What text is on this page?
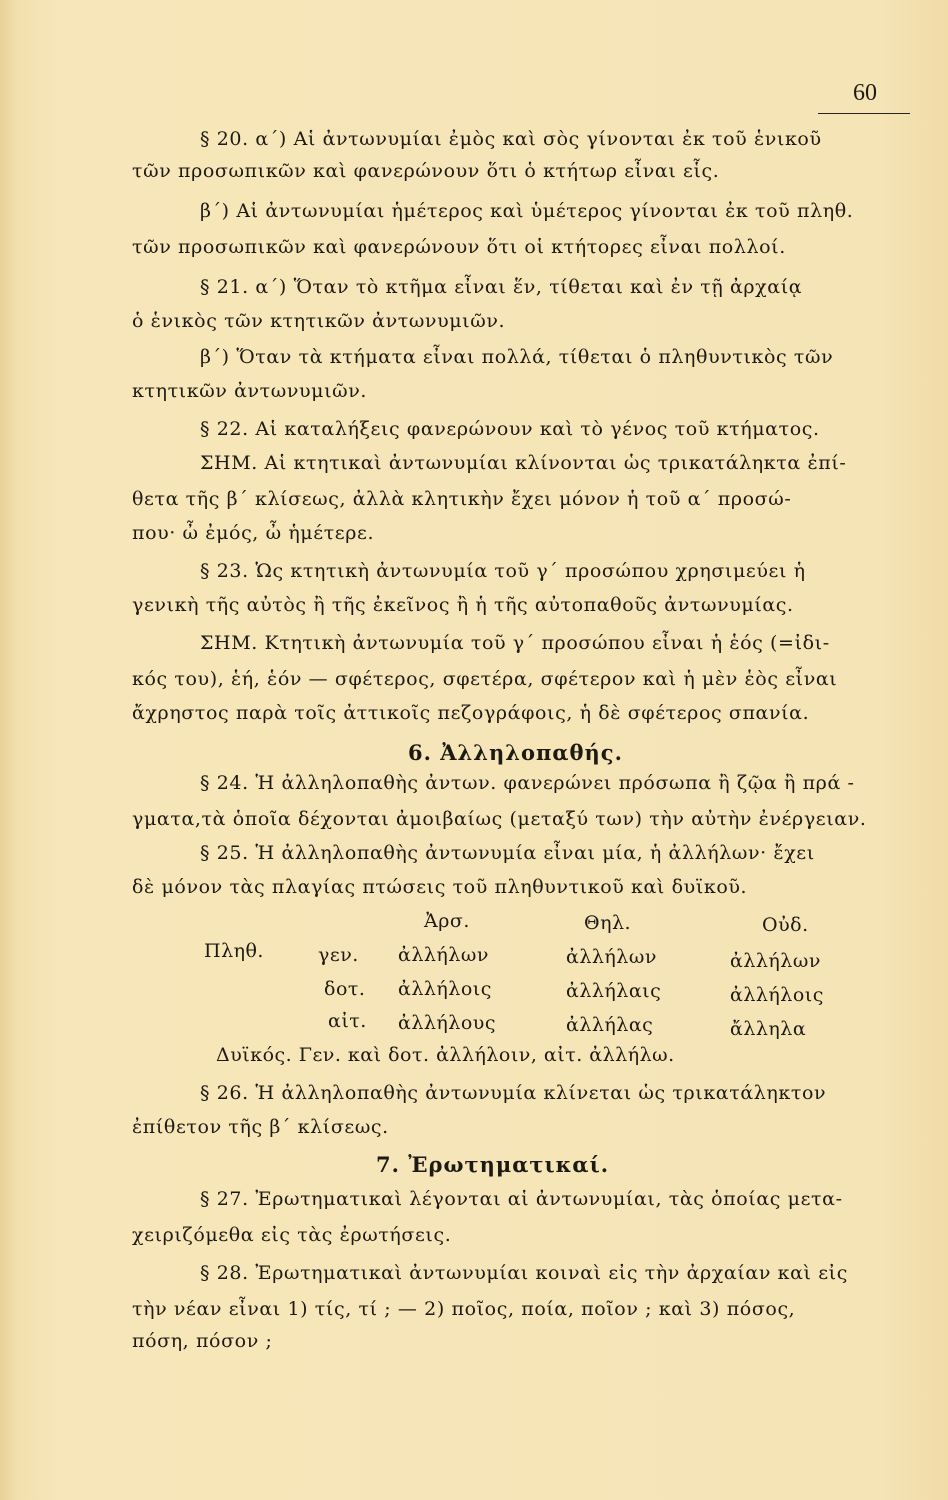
60
§ 20. α΄) Αἱ ἀντωνυμίαι ἐμὸς καὶ σὸς γίνονται ἐκ τοῦ ἑνικοῦ
τῶν προσωπικῶν καὶ φανερώνουν ὅτι ὁ κτήτωρ εἶναι εἷς.
β΄) Αἱ ἀντωνυμίαι ἡμέτερος καὶ ὑμέτερος γίνονται ἐκ τοῦ πληθ.
τῶν προσωπικῶν καὶ φανερώνουν ὅτι οἱ κτήτορες εἶναι πολλοί.
§ 21. α΄) Ὅταν τὸ κτῆμα εἶναι ἕν, τίθεται καὶ ἐν τῇ ἀρχαίᾳ
ὁ ἑνικὸς τῶν κτητικῶν ἀντωνυμιῶν.
β΄) Ὅταν τὰ κτήματα εἶναι πολλά, τίθεται ὁ πληθυντικὸς τῶν
κτητικῶν ἀντωνυμιῶν.
§ 22. Αἱ καταλήξεις φανερώνουν καὶ τὸ γένος τοῦ κτήματος.
ΣΗΜ. Αἱ κτητικαὶ ἀντωνυμίαι κλίνονται ὡς τρικατάληκτα ἐπί-
θετα τῆς β΄ κλίσεως, ἀλλὰ κλητικὴν ἔχει μόνον ἡ τοῦ α΄ προσώ-
που· ὦ ἐμός, ὦ ἡμέτερε.
§ 23. Ὡς κτητικὴ ἀντωνυμία τοῦ γ΄ προσώπου χρησιμεύει ἡ
γενικὴ τῆς αὐτὸς ἢ τῆς ἐκεῖνος ἢ ἡ τῆς αὐτοπαθοῦς ἀντωνυμίας.
ΣΗΜ. Κτητικὴ ἀντωνυμία τοῦ γ΄ προσώπου εἶναι ἡ ἑός (=ἰδι-
κός του), ἑή, ἑόν — σφέτερος, σφετέρα, σφέτερον καὶ ἡ μὲν ἑὸς εἶναι
ἄχρηστος παρὰ τοῖς ἀττικοῖς πεζογράφοις, ἡ δὲ σφέτερος σπανία.
6. Ἀλληλοπαθής.
§ 24. Ἡ ἀλληλοπαθὴς ἀντων. φανερώνει πρόσωπα ἢ ζῷα ἢ πρά -
γματα,τὰ ὁποῖα δέχονται ἀμοιβαίως (μεταξύ των) τὴν αὐτὴν ἐνέργειαν.
§ 25. Ἡ ἀλληλοπαθὴς ἀντωνυμία εἶναι μία, ἡ ἀλλήλων· ἔχει
δὲ μόνον τὰς πλαγίας πτώσεις τοῦ πληθυντικοῦ καὶ δυϊκοῦ.
Ἀρσ.	Θηλ.	Οὐδ.
Πληθ.	γεν. ἀλλήλων	ἀλλήλων	ἀλλήλων
δοτ. ἀλλήλοις	ἀλλήλαις	ἀλλήλοις
αἰτ. ἀλλήλους	ἀλλήλας	ἄλληλα
Δυϊκός. Γεν. καὶ δοτ. ἀλλήλοιν, αἰτ. ἀλλήλω.
§ 26. Ἡ ἀλληλοπαθὴς ἀντωνυμία κλίνεται ὡς τρικατάληκτον
ἐπίθετον τῆς β΄ κλίσεως.
7. Ἐρωτηματικαί.
§ 27. Ἐρωτηματικαὶ λέγονται αἱ ἀντωνυμίαι, τὰς ὁποίας μετα-
χειριζόμεθα εἰς τὰς ἐρωτήσεις.
§ 28. Ἐρωτηματικαὶ ἀντωνυμίαι κοιναὶ εἰς τὴν ἀρχαίαν καὶ εἰς
τὴν νέαν εἶναι 1) τίς, τί ; — 2) ποῖος, ποία, ποῖον ; καὶ 3) πόσος,
πόση, πόσον ;
